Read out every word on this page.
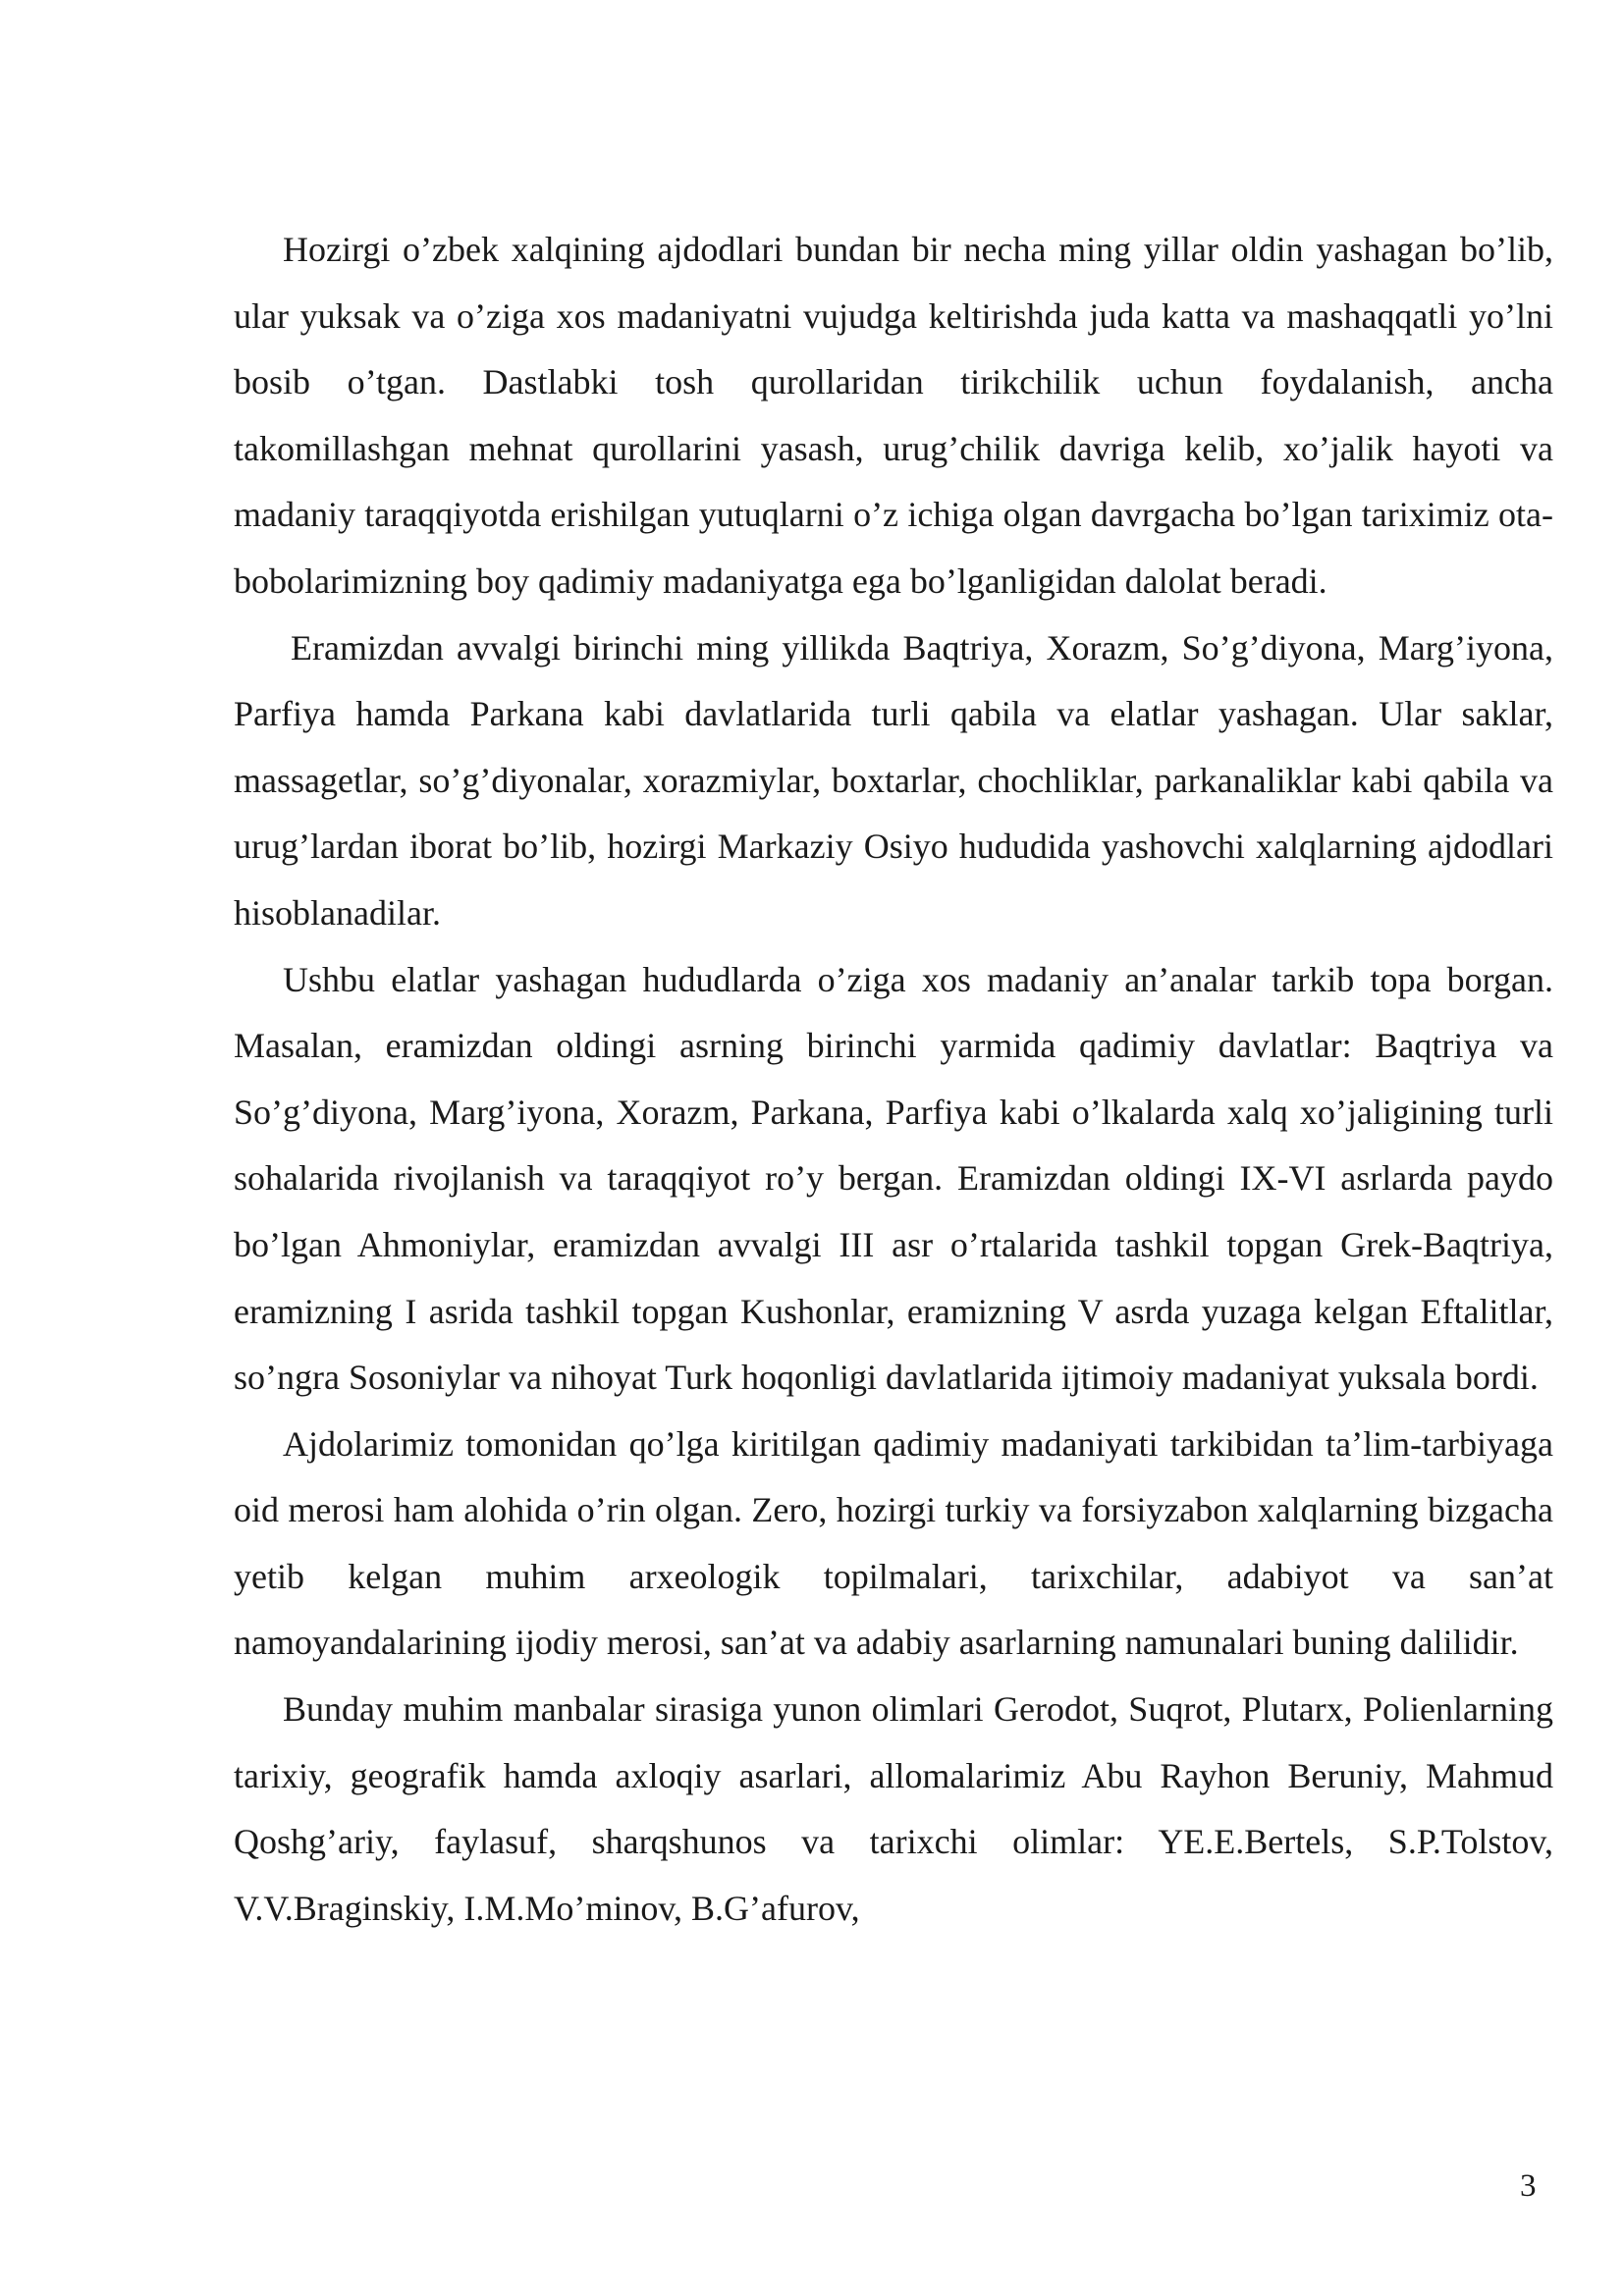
Hozirgi o’zbek xalqining ajdodlari bundan bir necha ming yillar oldin yashagan bo’lib, ular yuksak va o’ziga xos madaniyatni vujudga keltirishda juda katta va mashaqqatli yo’lni bosib o’tgan. Dastlabki tosh qurollaridan tirikchilik uchun foydalanish, ancha takomillashgan mehnat qurollarini yasash, urug’chilik davriga kelib, xo’jalik hayoti va madaniy taraqqiyotda erishilgan yutuqlarni o’z ichiga olgan davrgacha bo’lgan tariximiz ota-bobolarimizning boy qadimiy madaniyatga ega bo’lganligidan dalolat beradi.

Eramizdan avvalgi birinchi ming yillikda Baqtriya, Xorazm, So’g’diyona, Marg’iyona, Parfiya hamda Parkana kabi davlatlarida turli qabila va elatlar yashagan. Ular saklar, massagetlar, so’g’diyonalar, xorazmiylar, boxtarlar, chochliklar, parkanaliklar kabi qabila va urug’lardan iborat bo’lib, hozirgi Markaziy Osiyo hududida yashovchi xalqlarning ajdodlari hisoblanadilar.

Ushbu elatlar yashagan hududlarda o’ziga xos madaniy an’analar tarkib topa borgan. Masalan, eramizdan oldingi asrning birinchi yarmida qadimiy davlatlar: Baqtriya va So’g’diyona, Marg’iyona, Xorazm, Parkana, Parfiya kabi o’lkalarda xalq xo’jaligining turli sohalarida rivojlanish va taraqqiyot ro’y bergan. Eramizdan oldingi IX-VI asrlarda paydo bo’lgan Ahmoniylar, eramizdan avvalgi III asr o’rtalarida tashkil topgan Grek-Baqtriya, eramizning I asrida tashkil topgan Kushonlar, eramizning V asrda yuzaga kelgan Eftalitlar, so’ngra Sosoniylar va nihoyat Turk hoqonligi davlatlarida ijtimoiy madaniyat yuksala bordi.

Ajdolarimiz tomonidan qo’lga kiritilgan qadimiy madaniyati tarkibidan ta’lim-tarbiyaga oid merosi ham alohida o’rin olgan. Zero, hozirgi turkiy va forsiyzabon xalqlarning bizgacha yetib kelgan muhim arxeologik topilmalari, tarixchilar, adabiyot va san’at namoyandalarining ijodiy merosi, san’at va adabiy asarlarning namunalari buning dalilidir.

Bunday muhim manbalar sirasiga yunon olimlari Gerodot, Suqrot, Plutarx, Polienlarning tarixiy, geografik hamda axloqiy asarlari, allomalarimiz Abu Rayhon Beruniy, Mahmud Qoshg’ariy, faylasuf, sharqshunos va tarixchi olimlar: YE.E.Bertels, S.P.Tolstov, V.V.Braginskiy, I.M.Mo’minov, B.G’afurov,

3
